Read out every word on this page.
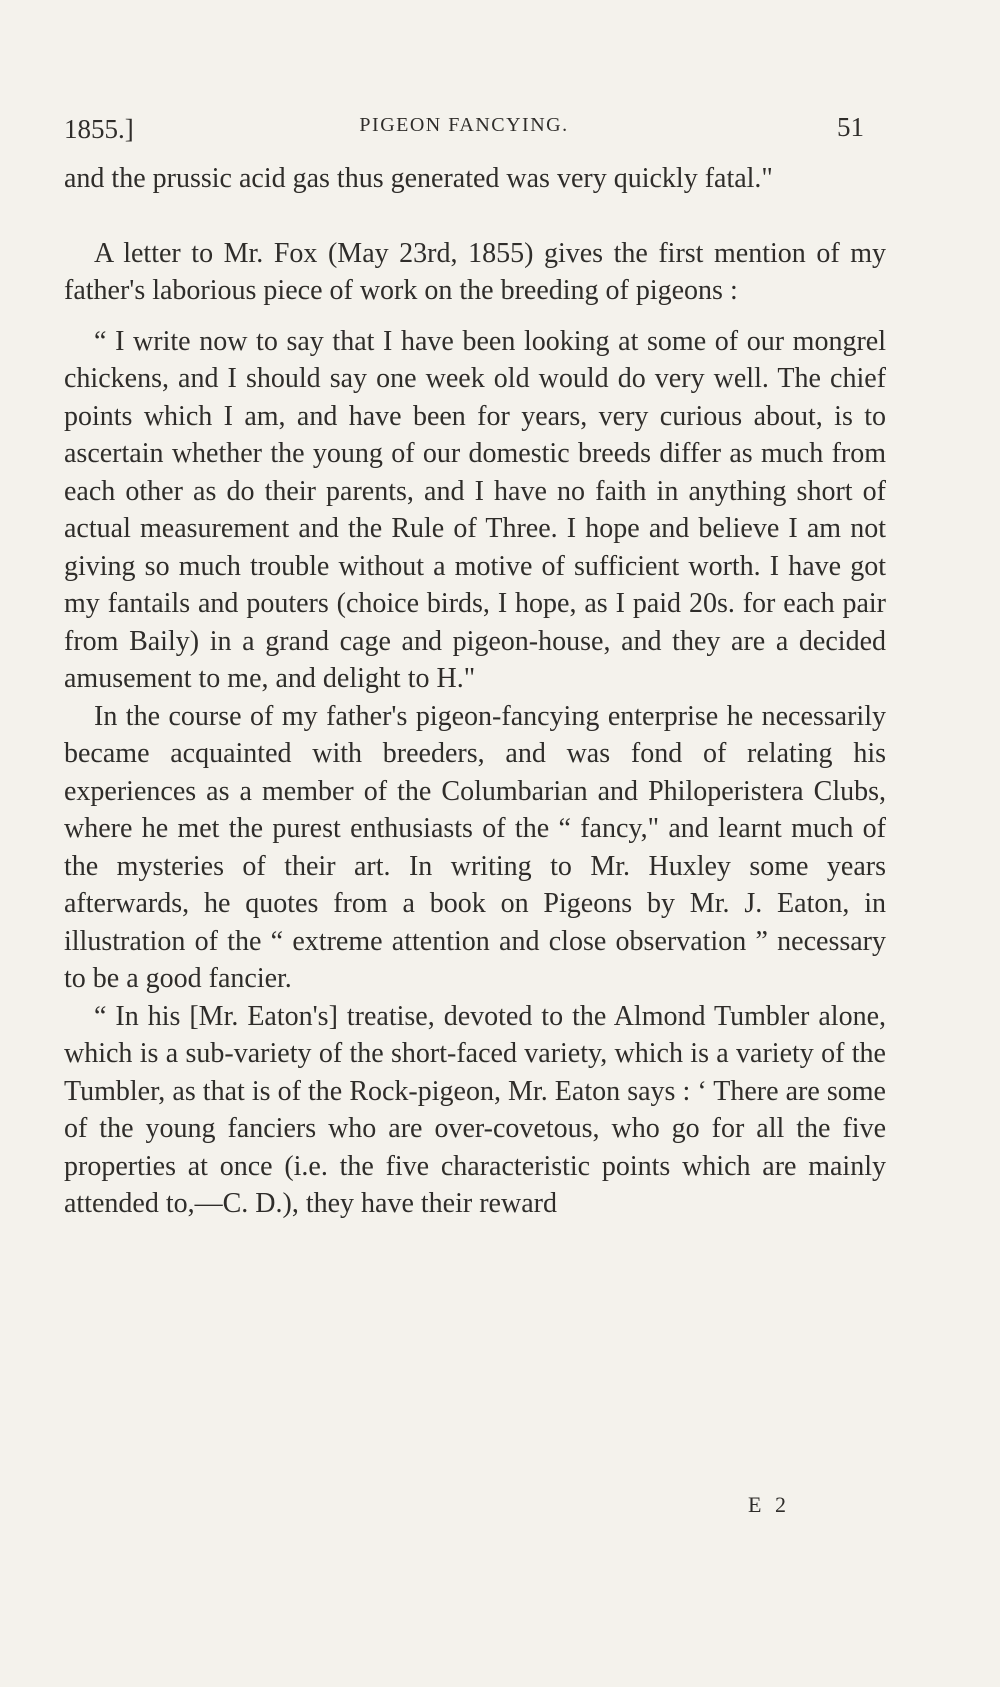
1855.]	PIGEON FANCYING.	51

and the prussic acid gas thus generated was very quickly fatal."

A letter to Mr. Fox (May 23rd, 1855) gives the first mention of my father's laborious piece of work on the breeding of pigeons :

“ I write now to say that I have been looking at some of our mongrel chickens, and I should say one week old would do very well. The chief points which I am, and have been for years, very curious about, is to ascertain whether the young of our domestic breeds differ as much from each other as do their parents, and I have no faith in anything short of actual measurement and the Rule of Three. I hope and believe I am not giving so much trouble without a motive of sufficient worth. I have got my fantails and pouters (choice birds, I hope, as I paid 20s. for each pair from Baily) in a grand cage and pigeon-house, and they are a decided amusement to me, and delight to H."

In the course of my father's pigeon-fancying enterprise he necessarily became acquainted with breeders, and was fond of relating his experiences as a member of the Columbarian and Philoperistera Clubs, where he met the purest enthusiasts of the “ fancy," and learnt much of the mysteries of their art. In writing to Mr. Huxley some years afterwards, he quotes from a book on Pigeons by Mr. J. Eaton, in illustration of the “ extreme attention and close observation ” necessary to be a good fancier.

“ In his [Mr. Eaton's] treatise, devoted to the Almond Tumbler alone, which is a sub-variety of the short-faced variety, which is a variety of the Tumbler, as that is of the Rock-pigeon, Mr. Eaton says : ‘ There are some of the young fanciers who are over-covetous, who go for all the five properties at once (i.e. the five characteristic points which are mainly attended to,—C. D.), they have their reward

E 2
